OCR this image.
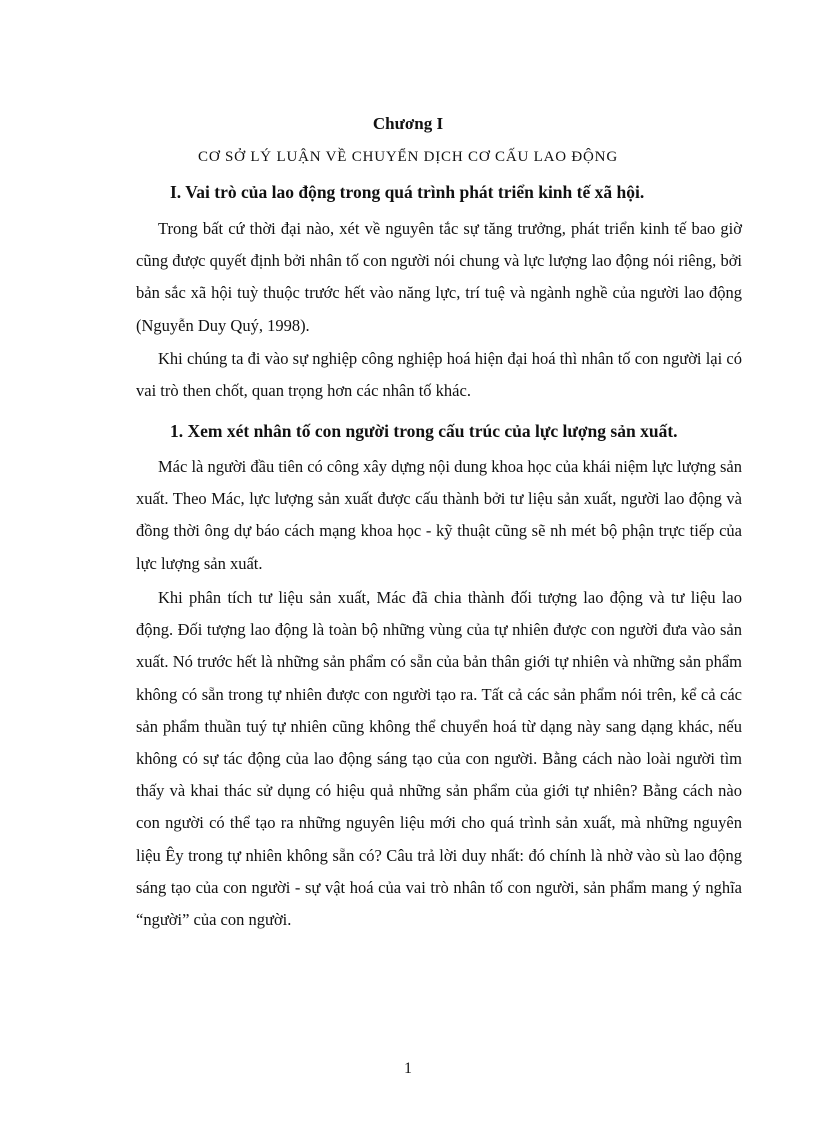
Chương I
CƠ SỞ LÝ LUẬN VỀ CHUYỂN DỊCH CƠ CẤU LAO ĐỘNG
I. Vai trò của lao động trong quá trình phát triển kinh tế xã hội.

Trong bất cứ thời đại nào, xét về nguyên tắc sự tăng trưởng, phát triển kinh tế bao giờ cũng được quyết định bởi nhân tố con người nói chung và lực lượng lao động nói riêng, bởi bản sắc xã hội tuỳ thuộc trước hết vào năng lực, trí tuệ và ngành nghề của người lao động (Nguyễn Duy Quý, 1998).

Khi chúng ta đi vào sự nghiệp công nghiệp hoá hiện đại hoá thì nhân tố con người lại có vai trò then chốt, quan trọng hơn các nhân tố khác.

1. Xem xét nhân tố con người trong cấu trúc của lực lượng sản xuất.

Mác là người đầu tiên có công xây dựng nội dung khoa học của khái niệm lực lượng sản xuất. Theo Mác, lực lượng sản xuất được cấu thành bởi tư liệu sản xuất, người lao động và đồng thời ông dự báo cách mạng khoa học - kỹ thuật cũng sẽ nh mét bộ phận trực tiếp của lực lượng sản xuất.

Khi phân tích tư liệu sản xuất, Mác đã chia thành đối tượng lao động và tư liệu lao động. Đối tượng lao động là toàn bộ những vùng của tự nhiên được con người đưa vào sản xuất. Nó trước hết là những sản phẩm có sẵn của bản thân giới tự nhiên và những sản phẩm không có sẵn trong tự nhiên được con người tạo ra. Tất cả các sản phẩm nói trên, kể cả các sản phẩm thuần tuý tự nhiên cũng không thể chuyển hoá từ dạng này sang dạng khác, nếu không có sự tác động của lao động sáng tạo của con người. Bằng cách nào loài người tìm thấy và khai thác sử dụng có hiệu quả những sản phẩm của giới tự nhiên? Bằng cách nào con người có thể tạo ra những nguyên liệu mới cho quá trình sản xuất, mà những nguyên liệu Êy trong tự nhiên không sẵn có? Câu trả lời duy nhất: đó chính là nhờ vào sù lao động sáng tạo của con người - sự vật hoá của vai trò nhân tố con người, sản phẩm mang ý nghĩa “người” của con người.

1
